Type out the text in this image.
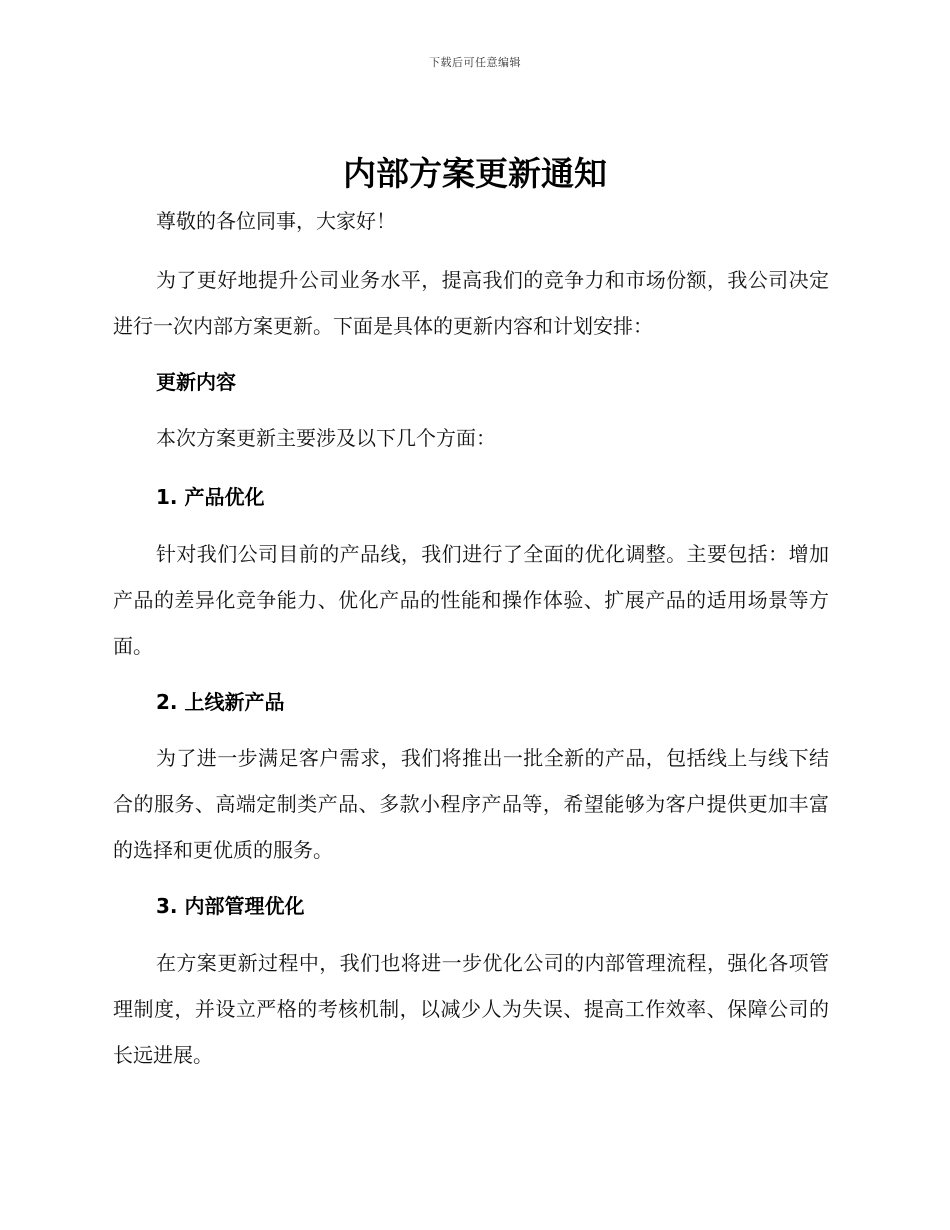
下载后可任意编辑
内部方案更新通知

尊敬的各位同事，大家好！

为了更好地提升公司业务水平，提高我们的竞争力和市场份额，我公司决定进行一次内部方案更新。下面是具体的更新内容和计划安排：

更新内容

本次方案更新主要涉及以下几个方面：

1. 产品优化

针对我们公司目前的产品线，我们进行了全面的优化调整。主要包括：增加产品的差异化竞争能力、优化产品的性能和操作体验、扩展产品的适用场景等方面。

2. 上线新产品

为了进一步满足客户需求，我们将推出一批全新的产品，包括线上与线下结合的服务、高端定制类产品、多款小程序产品等，希望能够为客户提供更加丰富的选择和更优质的服务。

3. 内部管理优化

在方案更新过程中，我们也将进一步优化公司的内部管理流程，强化各项管理制度，并设立严格的考核机制，以减少人为失误、提高工作效率、保障公司的长远进展。
